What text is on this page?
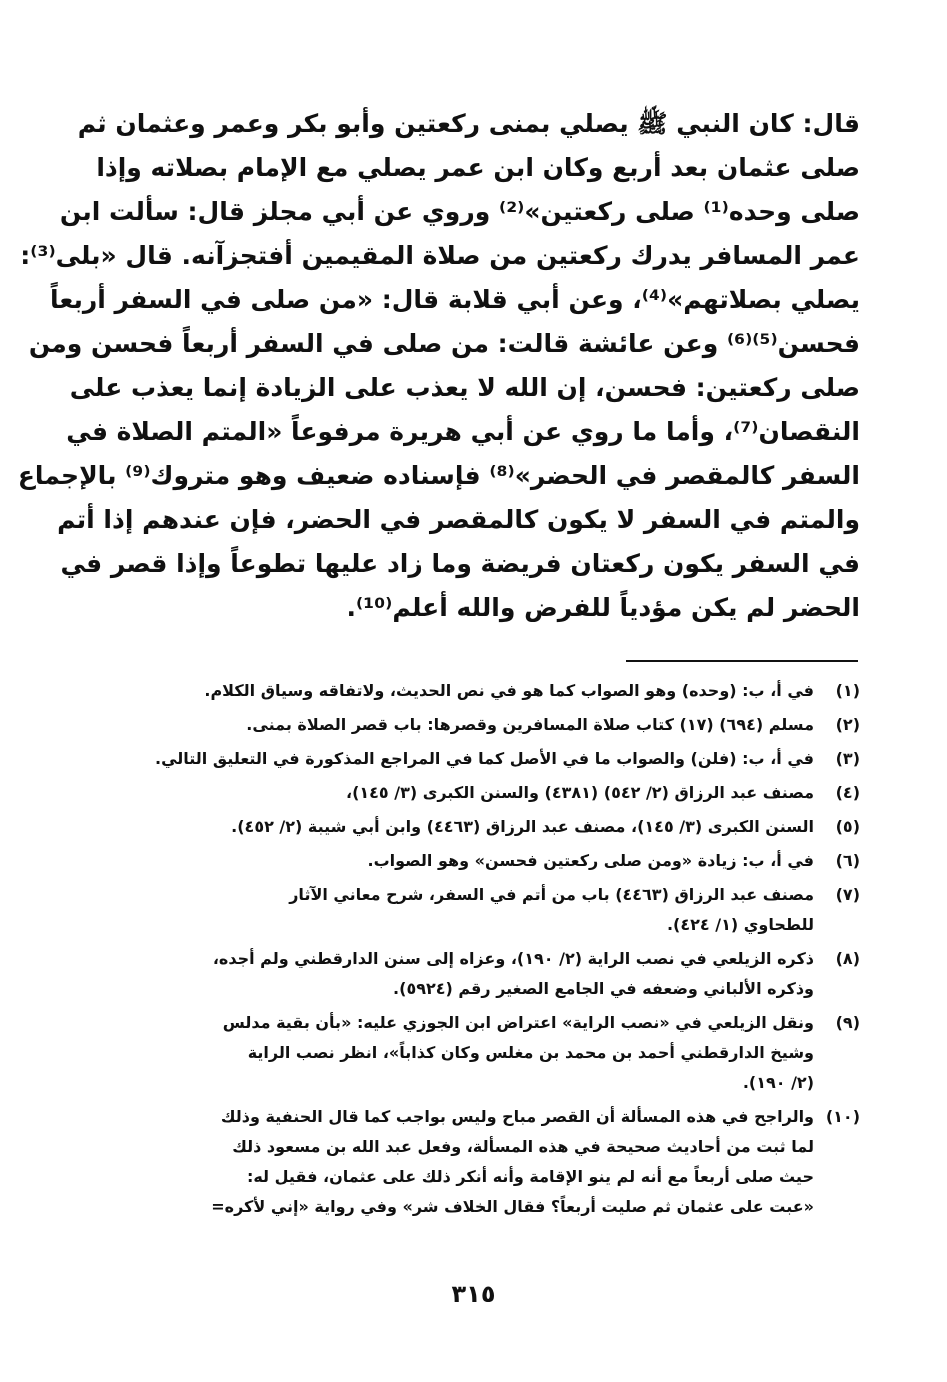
قال: كان النبي ﷺ يصلي بمنى ركعتين وأبو بكر وعمر وعثمان ثم
صلى عثمان بعد أربع وكان ابن عمر يصلي مع الإمام بصلاته وإذا
صلى وحده⁽¹⁾ صلى ركعتين»⁽²⁾ وروي عن أبي مجلز قال: سألت ابن
عمر المسافر يدرك ركعتين من صلاة المقيمين أفتجزآنه. قال «بلى⁽³⁾:
يصلي بصلاتهم»⁽⁴⁾، وعن أبي قلابة قال: «من صلى في السفر أربعاً
فحسن⁽⁵⁾⁽⁶⁾ وعن عائشة قالت: من صلى في السفر أربعاً فحسن ومن
صلى ركعتين: فحسن، إن الله لا يعذب على الزيادة إنما يعذب على
النقصان⁽⁷⁾، وأما ما روي عن أبي هريرة مرفوعاً «المتم الصلاة في
السفر كالمقصر في الحضر»⁽⁸⁾ فإسناده ضعيف وهو متروك⁽⁹⁾ بالإجماع
والمتم في السفر لا يكون كالمقصر في الحضر، فإن عندهم إذا أتم
في السفر يكون ركعتان فريضة وما زاد عليها تطوعاً وإذا قصر في
الحضر لم يكن مؤدياً للفرض والله أعلم⁽¹⁰⁾.
(١)
في أ، ب: (وحده) وهو الصواب كما هو في نص الحديث، ولاتفاقه وسياق الكلام.
(٢)
مسلم (٦٩٤) (١٧) كتاب صلاة المسافرين وقصرها: باب قصر الصلاة بمنى.
(٣)
في أ، ب: (فلن) والصواب ما في الأصل كما في المراجع المذكورة في التعليق التالي.
(٤)
مصنف عبد الرزاق (٢/ ٥٤٢) (٤٣٨١) والسنن الكبرى (٣/ ١٤٥)،
(٥)
السنن الكبرى (٣/ ١٤٥)، مصنف عبد الرزاق (٤٤٦٣) وابن أبي شيبة (٢/ ٤٥٢).
(٦)
في أ، ب: زيادة «ومن صلى ركعتين فحسن» وهو الصواب.
(٧)
مصنف عبد الرزاق (٤٤٦٣) باب من أتم في السفر، شرح معاني الآثار
للطحاوي (١/ ٤٢٤).
(٨)
ذكره الزيلعي في نصب الراية (٢/ ١٩٠)، وعزاه إلى سنن الدارقطني ولم أجده،
وذكره الألباني وضعفه في الجامع الصغير رقم (٥٩٢٤).
(٩)
ونقل الزيلعي في «نصب الراية» اعتراض ابن الجوزي عليه: «بأن بقية مدلس
وشيخ الدارقطني أحمد بن محمد بن مغلس وكان كذاباً»، انظر نصب الراية
(٢/ ١٩٠).
(١٠)
والراجح في هذه المسألة أن القصر مباح وليس بواجب كما قال الحنفية وذلك
لما ثبت من أحاديث صحيحة في هذه المسألة، وفعل عبد الله بن مسعود ذلك
حيث صلى أربعاً مع أنه لم ينو الإقامة وأنه أنكر ذلك على عثمان، فقيل له:
«عبت على عثمان ثم صليت أربعاً؟ فقال الخلاف شر» وفي رواية «إني لأكره=
٣١٥
